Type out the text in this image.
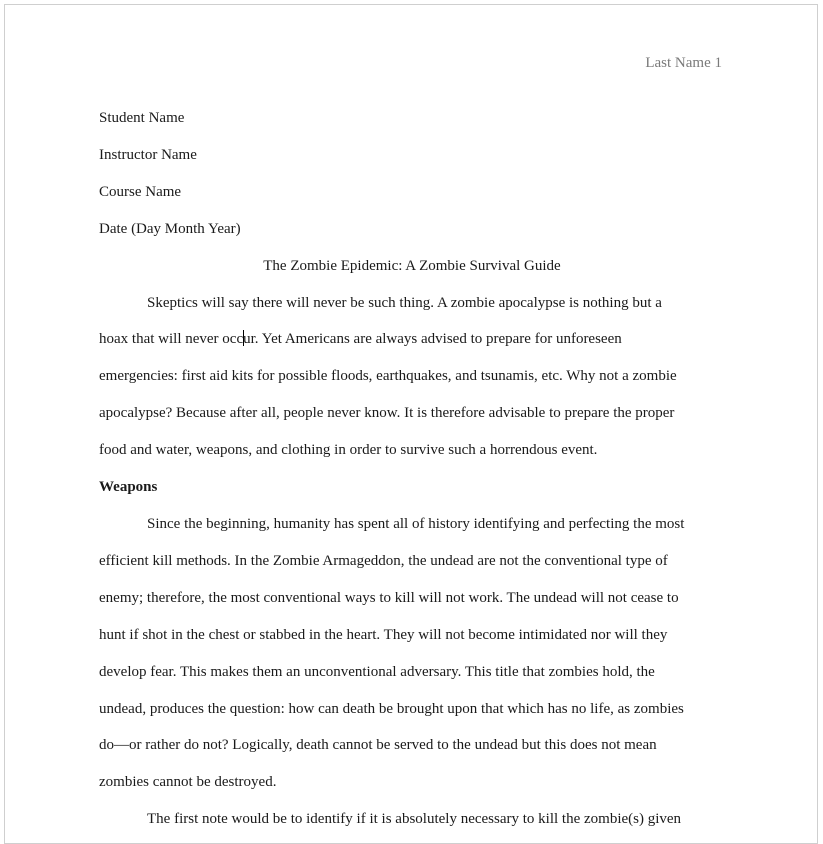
Last Name 1

Student Name

Instructor Name

Course Name

Date (Day Month Year)

The Zombie Epidemic: A Zombie Survival Guide

Skeptics will say there will never be such thing. A zombie apocalypse is nothing but a

hoax that will never occur. Yet Americans are always advised to prepare for unforeseen

emergencies: first aid kits for possible floods, earthquakes, and tsunamis, etc. Why not a zombie

apocalypse? Because after all, people never know. It is therefore advisable to prepare the proper

food and water, weapons, and clothing in order to survive such a horrendous event.

Weapons

Since the beginning, humanity has spent all of history identifying and perfecting the most

efficient kill methods. In the Zombie Armageddon, the undead are not the conventional type of

enemy; therefore, the most conventional ways to kill will not work. The undead will not cease to

hunt if shot in the chest or stabbed in the heart. They will not become intimidated nor will they

develop fear. This makes them an unconventional adversary. This title that zombies hold, the

undead, produces the question: how can death be brought upon that which has no life, as zombies

do—or rather do not? Logically, death cannot be served to the undead but this does not mean

zombies cannot be destroyed.

The first note would be to identify if it is absolutely necessary to kill the zombie(s) given
